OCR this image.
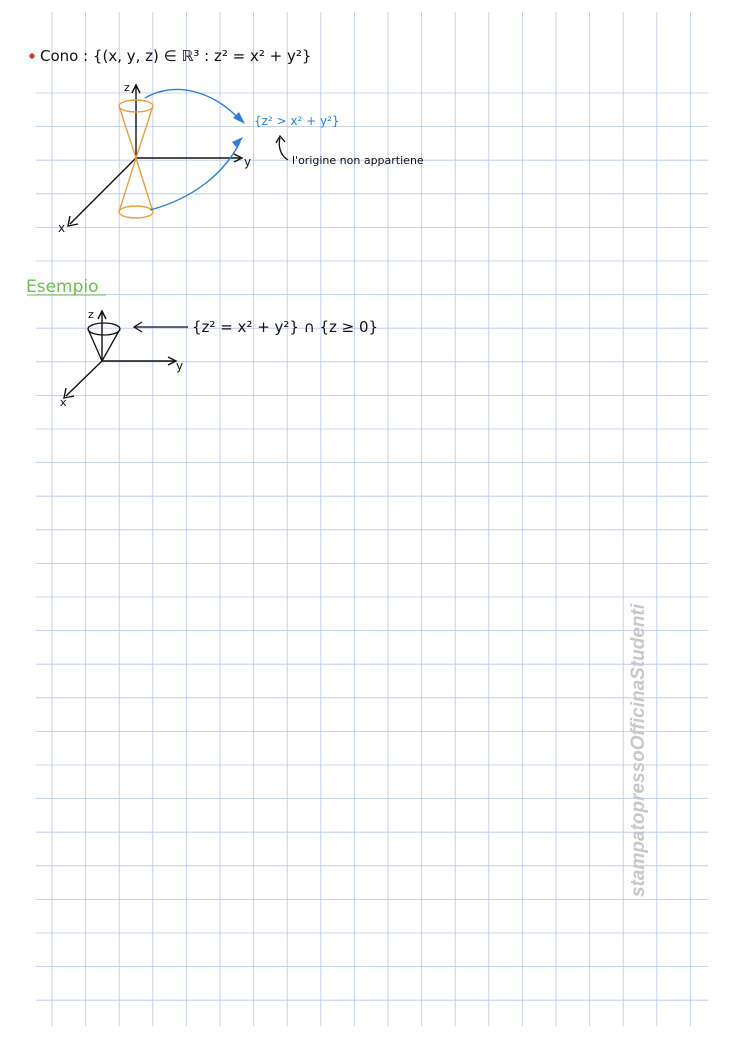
Cono : {(x, y, z) ∈ ℝ³ : z² = x² + y²}
z
y
x
{z² > x² + y²}
l'origine non appartiene
Esempio
z
y
x
{z² = x² + y²} ∩ {z ≥ 0}
stampatopressoOfficinaStudenti
